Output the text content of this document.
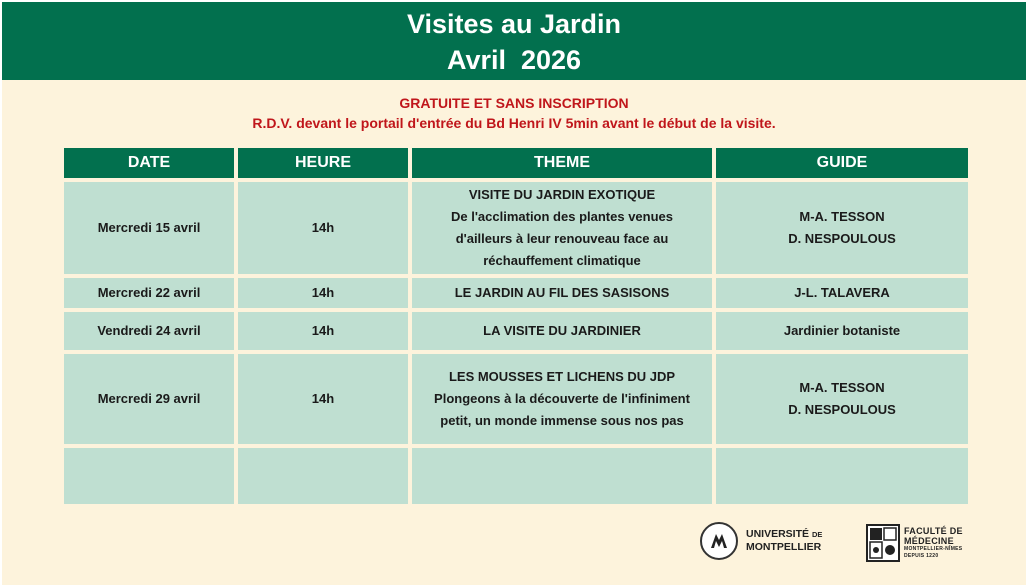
Visites au Jardin
Avril  2026
GRATUITE ET SANS INSCRIPTION
R.D.V. devant le portail d'entrée du Bd Henri IV 5min avant le début de la visite.
DATE	HEURE	THEME	GUIDE
Mercredi 15 avril	14h	VISITE DU JARDIN EXOTIQUE
De l'acclimation des plantes venues
d'ailleurs à leur renouveau face au
réchauffement climatique	M-A. TESSON
D. NESPOULOUS

Mercredi 22 avril	14h	LE JARDIN AU FIL DES SASISONS	J-L. TALAVERA

Vendredi 24 avril	14h	LA VISITE DU JARDINIER	Jardinier botaniste

Mercredi 29 avril	14h	LES MOUSSES ET LICHENS DU JDP
Plongeons à la découverte de l'infiniment
petit, un monde immense sous nos pas	M-A. TESSON
D. NESPOULOUS

UNIVERSITÉ DE
MONTPELLIER
FACULTÉ DE
MÉDECINE
MONTPELLIER-NÎMES
DEPUIS 1220
